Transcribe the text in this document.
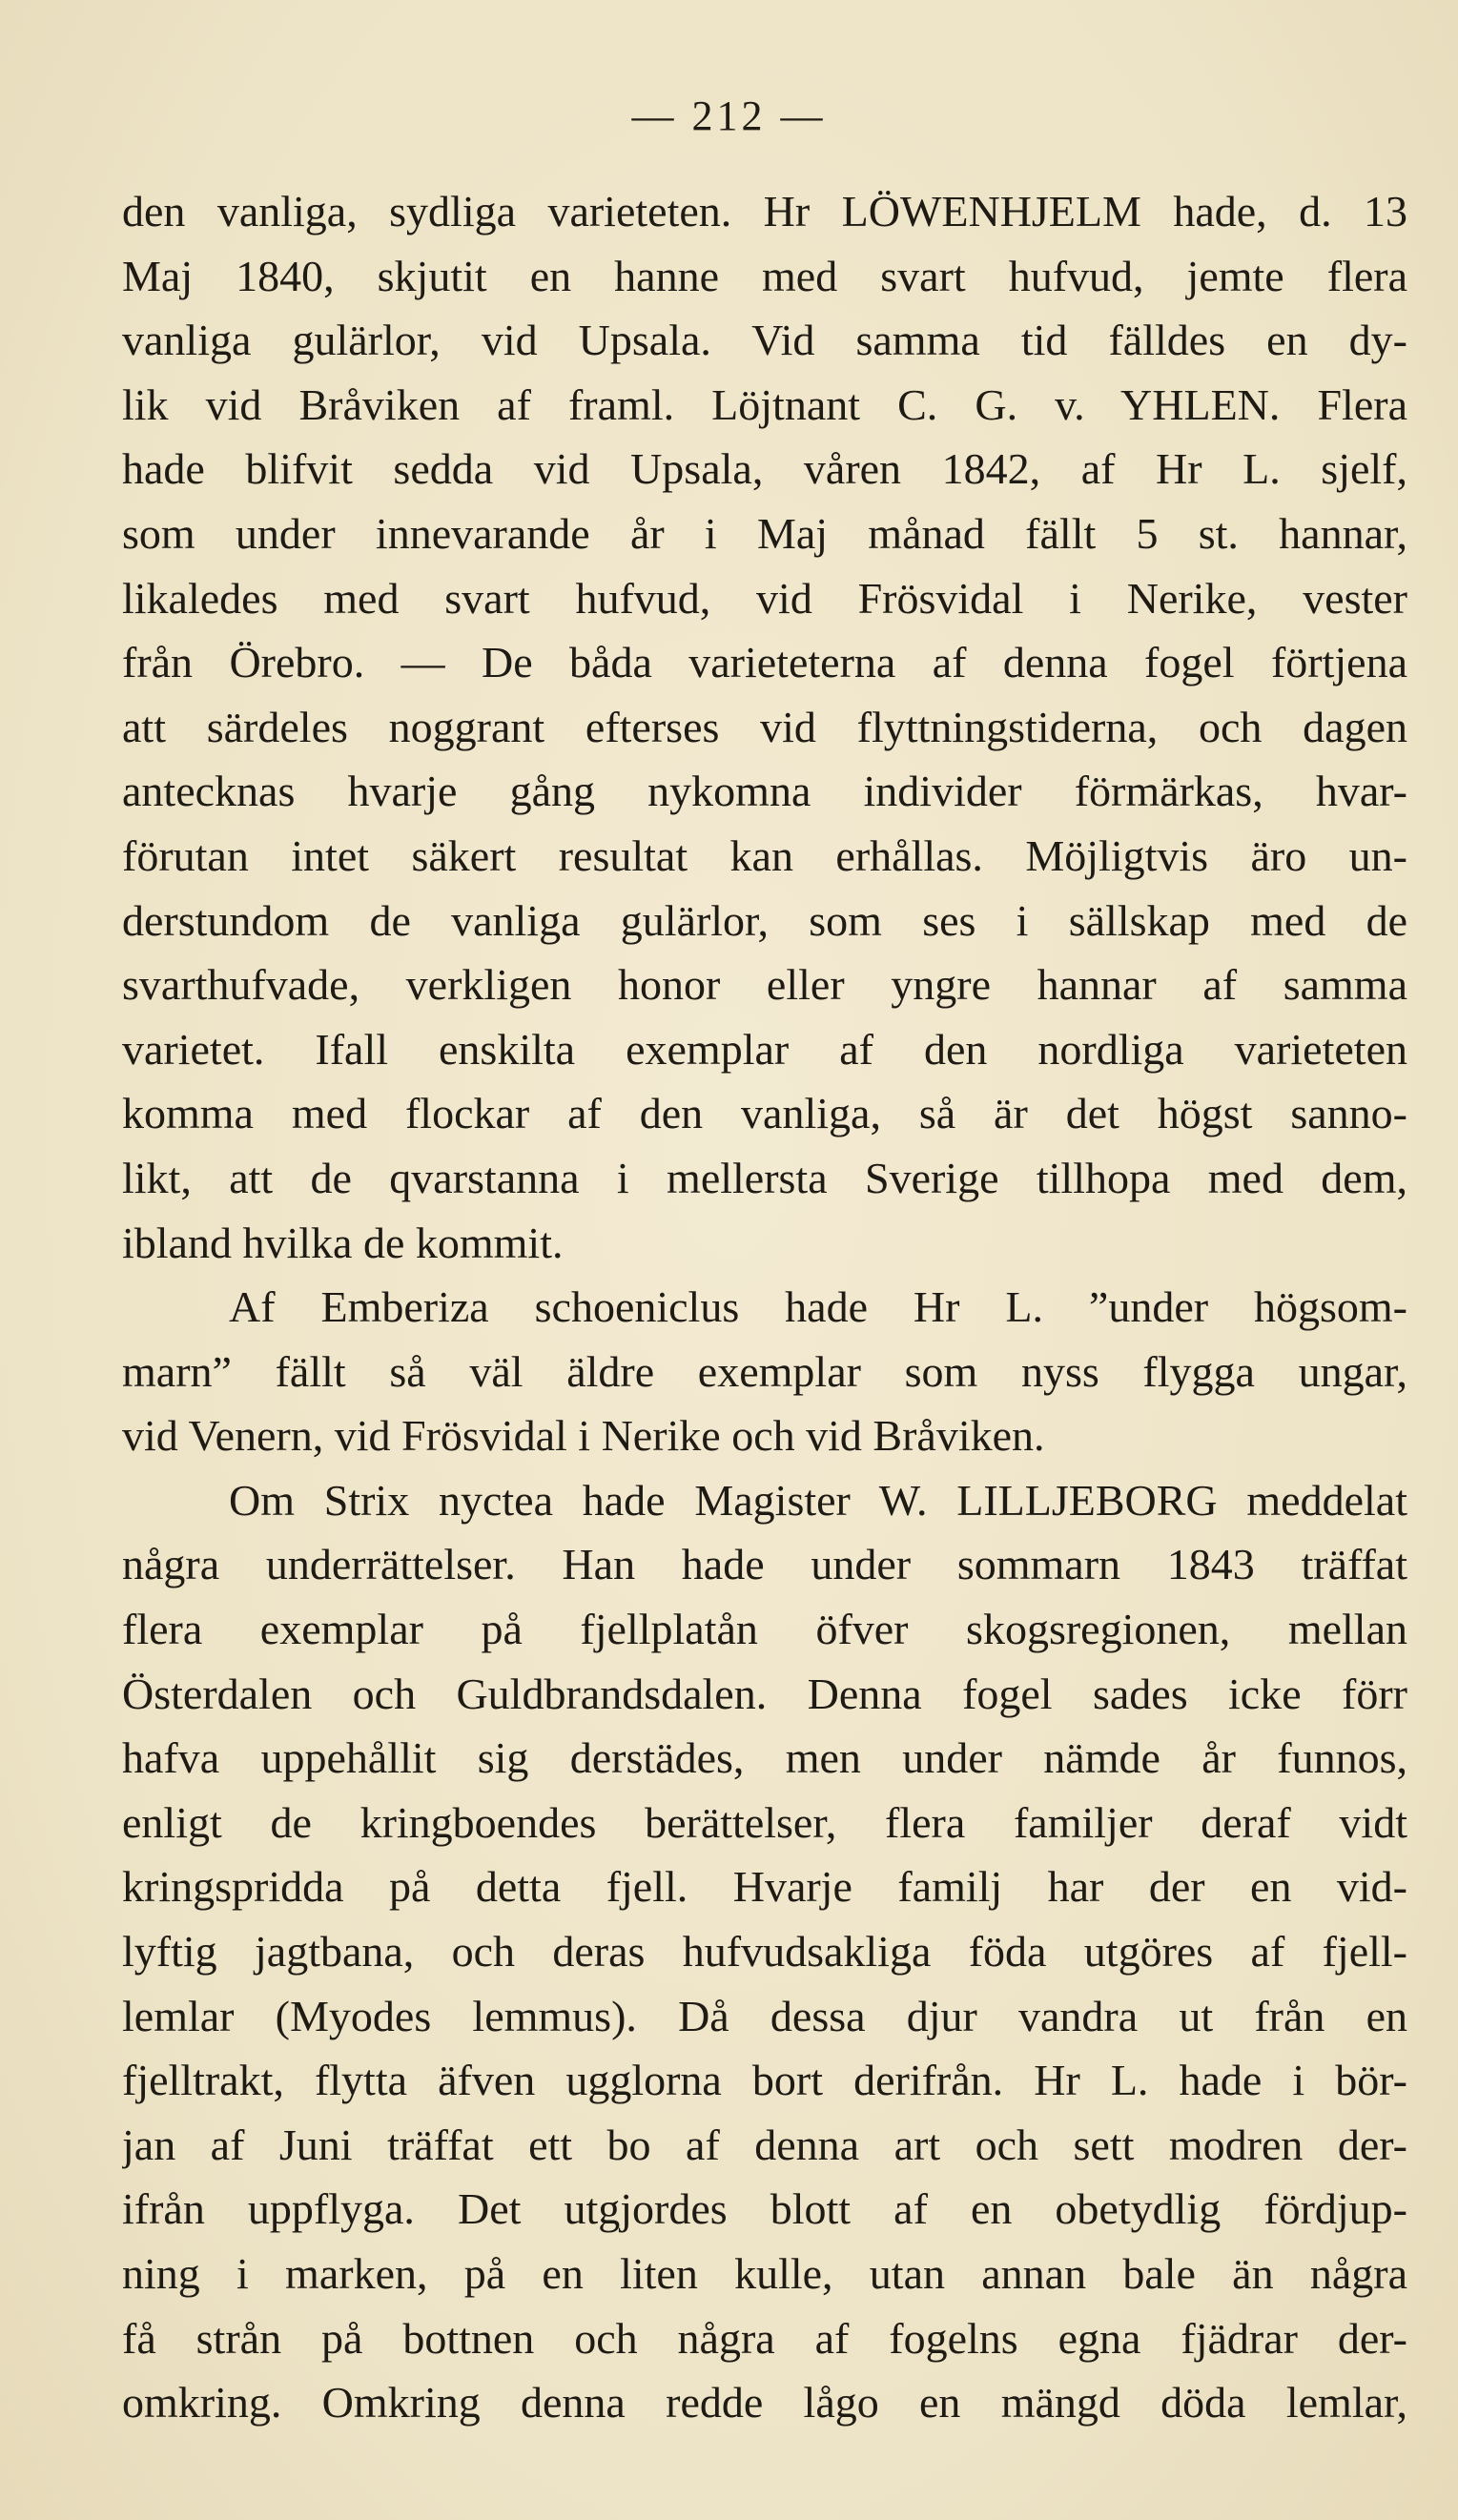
— 212 —
den vanliga, sydliga varieteten. Hr LÖWENHJELM hade, d. 13
Maj 1840, skjutit en hanne med svart hufvud, jemte flera
vanliga gulärlor, vid Upsala. Vid samma tid fälldes en dy-
lik vid Bråviken af framl. Löjtnant C. G. v. YHLEN. Flera
hade blifvit sedda vid Upsala, våren 1842, af Hr L. sjelf,
som under innevarande år i Maj månad fällt 5 st. hannar,
likaledes med svart hufvud, vid Frösvidal i Nerike, vester
från Örebro. — De båda varieteterna af denna fogel förtjena
att särdeles noggrant efterses vid flyttningstiderna, och dagen
antecknas hvarje gång nykomna individer förmärkas, hvar-
förutan intet säkert resultat kan erhållas. Möjligtvis äro un-
derstundom de vanliga gulärlor, som ses i sällskap med de
svarthufvade, verkligen honor eller yngre hannar af samma
varietet. Ifall enskilta exemplar af den nordliga varieteten
komma med flockar af den vanliga, så är det högst sanno-
likt, att de qvarstanna i mellersta Sverige tillhopa med dem,
ibland hvilka de kommit.
Af Emberiza schoeniclus hade Hr L. ”under högsom-
marn” fällt så väl äldre exemplar som nyss flygga ungar,
vid Venern, vid Frösvidal i Nerike och vid Bråviken.
Om Strix nyctea hade Magister W. LILLJEBORG meddelat
några underrättelser. Han hade under sommarn 1843 träffat
flera exemplar på fjellplatån öfver skogsregionen, mellan
Österdalen och Guldbrandsdalen. Denna fogel sades icke förr
hafva uppehållit sig derstädes, men under nämde år funnos,
enligt de kringboendes berättelser, flera familjer deraf vidt
kringspridda på detta fjell. Hvarje familj har der en vid-
lyftig jagtbana, och deras hufvudsakliga föda utgöres af fjell-
lemlar (Myodes lemmus). Då dessa djur vandra ut från en
fjelltrakt, flytta äfven ugglorna bort derifrån. Hr L. hade i bör-
jan af Juni träffat ett bo af denna art och sett modren der-
ifrån uppflyga. Det utgjordes blott af en obetydlig fördjup-
ning i marken, på en liten kulle, utan annan bale än några
få strån på bottnen och några af fogelns egna fjädrar der-
omkring. Omkring denna redde lågo en mängd döda lemlar,
